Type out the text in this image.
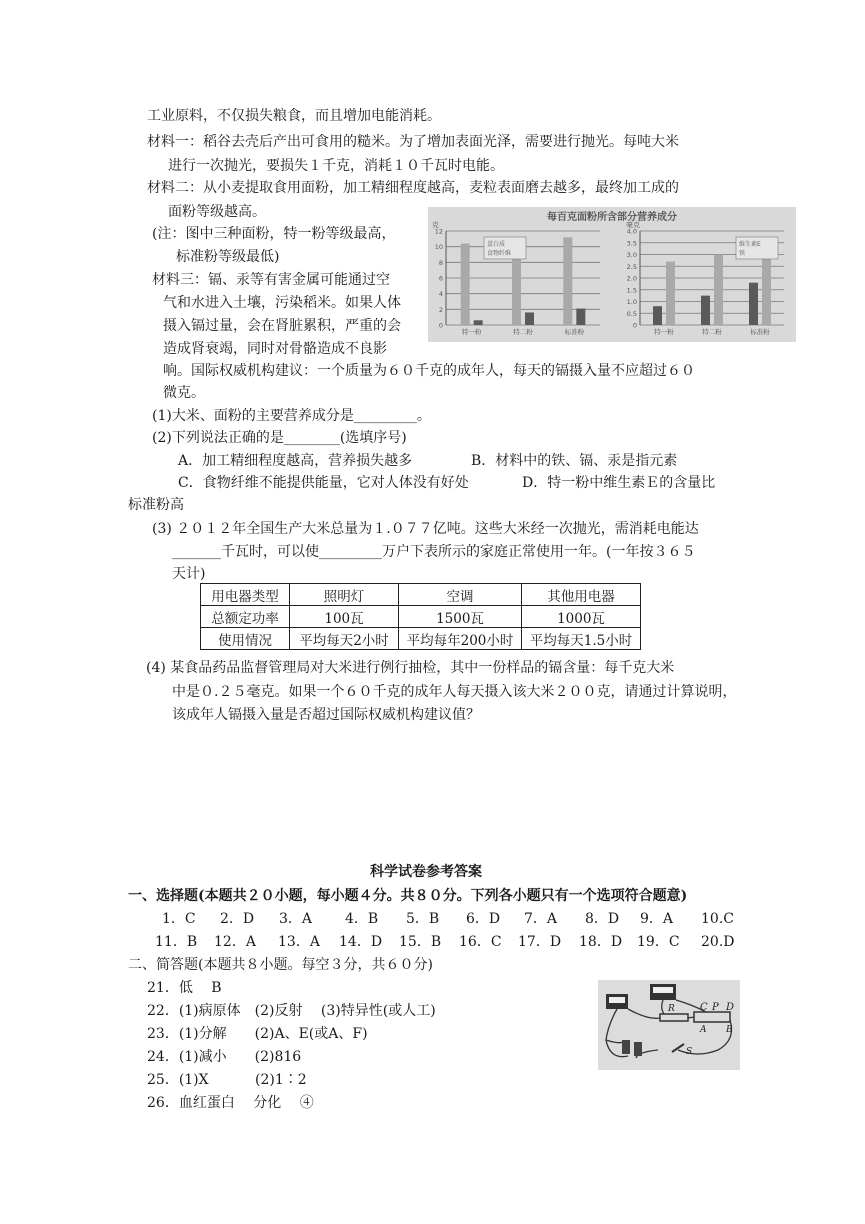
工业原料，不仅损失粮食，而且增加电能消耗。
材料一：稻谷去壳后产出可食用的糙米。为了增加表面光泽，需要进行抛光。每吨大米
进行一次抛光，要损失１千克，消耗１０千瓦时电能。
材料二：从小麦提取食用面粉，加工精细程度越高，麦粒表面磨去越多，最终加工成的
面粉等级越高。
(注：图中三种面粉，特一粉等级最高，
标准粉等级最低)
材料三：镉、汞等有害金属可能通过空
气和水进入土壤，污染稻米。如果人体
摄入镉过量，会在肾脏累积，严重的会
造成肾衰竭，同时对骨骼造成不良影
响。国际权威机构建议：一个质量为６０千克的成年人，每天的镉摄入量不应超过６０
微克。
(1)大米、面粉的主要营养成分是_________。
(2)下列说法正确的是________(选填序号)
A．加工精细程度越高，营养损失越多	B．材料中的铁、镉、汞是指元素
C．食物纤维不能提供能量，它对人体没有好处	D．特一粉中维生素Ｅ的含量比
标准粉高
(3) ２０１２年全国生产大米总量为１.０７７亿吨。这些大米经一次抛光，需消耗电能达
_______千瓦时，可以使_________万户下表所示的家庭正常使用一年。(一年按３６５
天计)
用电器类型	照明灯	空调	其他用电器
总额定功率	100瓦	1500瓦	1000瓦
使用情况	平均每天2小时	平均每年200小时	平均每天1.5小时
(4) 某食品药品监督管理局对大米进行例行抽检，其中一份样品的镉含量：每千克大米
中是０.２５毫克。如果一个６０千克的成年人每天摄入该大米２００克，请通过计算说明，
该成年人镉摄入量是否超过国际权威机构建议值？
每百克面粉所含部分营养成分
克
0
2
4
6
8
10
12
特一粉	特二粉	标准粉
蛋白质
食物纤维
毫克
0
0.5
1.0
1.5
2.0
2.5
3.0
3.5
4.0
特一粉	特二粉	标准粉
维生素E
铁
科学试卷参考答案
一、选择题(本题共２０小题，每小题４分。共８０分。下列各小题只有一个选项符合题意)
1．C 2．D 3．A 4．B 5．B 6．D 7．A 8．D 9．A 10.C
11．B 12．A 13．A 14．D 15．B 16．C 17．D 18．D 19．C 20.D
二、简答题(本题共８小题。每空３分，共６０分)
21．低　 B
22．(1)病原体　(2)反射　 (3)特异性(或人工)
23．(1)分解　　(2)A、E(或A、F)
24．(1)减小　　(2)816
25．(1)X　　　 (2)1∶2
26．血红蛋白　 分化　 ④
C P D
A B
R
S
